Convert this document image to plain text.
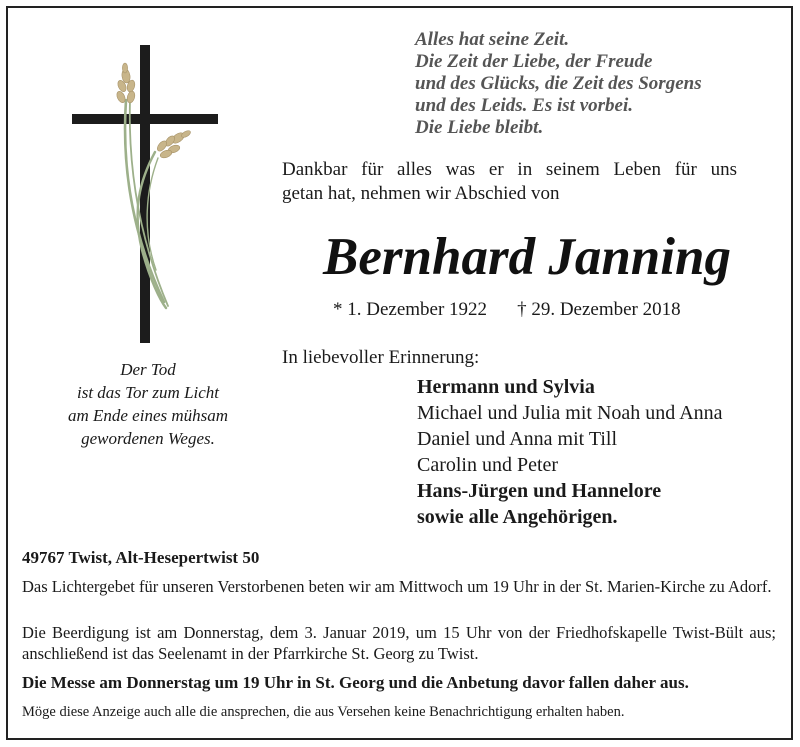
Alles hat seine Zeit.
Die Zeit der Liebe, der Freude
und des Glücks, die Zeit des Sorgens
und des Leids. Es ist vorbei.
Die Liebe bleibt.
Der Tod
ist das Tor zum Licht
am Ende eines mühsam
gewordenen Weges.
Dankbar für alles was er in seinem Leben für uns
getan hat, nehmen wir Abschied von
Bernhard Janning
* 1. Dezember 1922 † 29. Dezember 2018
In liebevoller Erinnerung:
Hermann und Sylvia
Michael und Julia mit Noah und Anna
Daniel und Anna mit Till
Carolin und Peter
Hans-Jürgen und Hannelore
sowie alle Angehörigen.
49767 Twist, Alt-Hesepertwist 50
Das Lichtergebet für unseren Verstorbenen beten wir am Mittwoch um 19 Uhr in der St. Marien-Kirche zu Adorf.
Die Beerdigung ist am Donnerstag, dem 3. Januar 2019, um 15 Uhr von der Friedhofskapelle Twist-Bült aus; anschließend ist das Seelenamt in der Pfarrkirche St. Georg zu Twist.
Die Messe am Donnerstag um 19 Uhr in St. Georg und die Anbetung davor fallen daher aus.
Möge diese Anzeige auch alle die ansprechen, die aus Versehen keine Benachrichtigung erhalten haben.
